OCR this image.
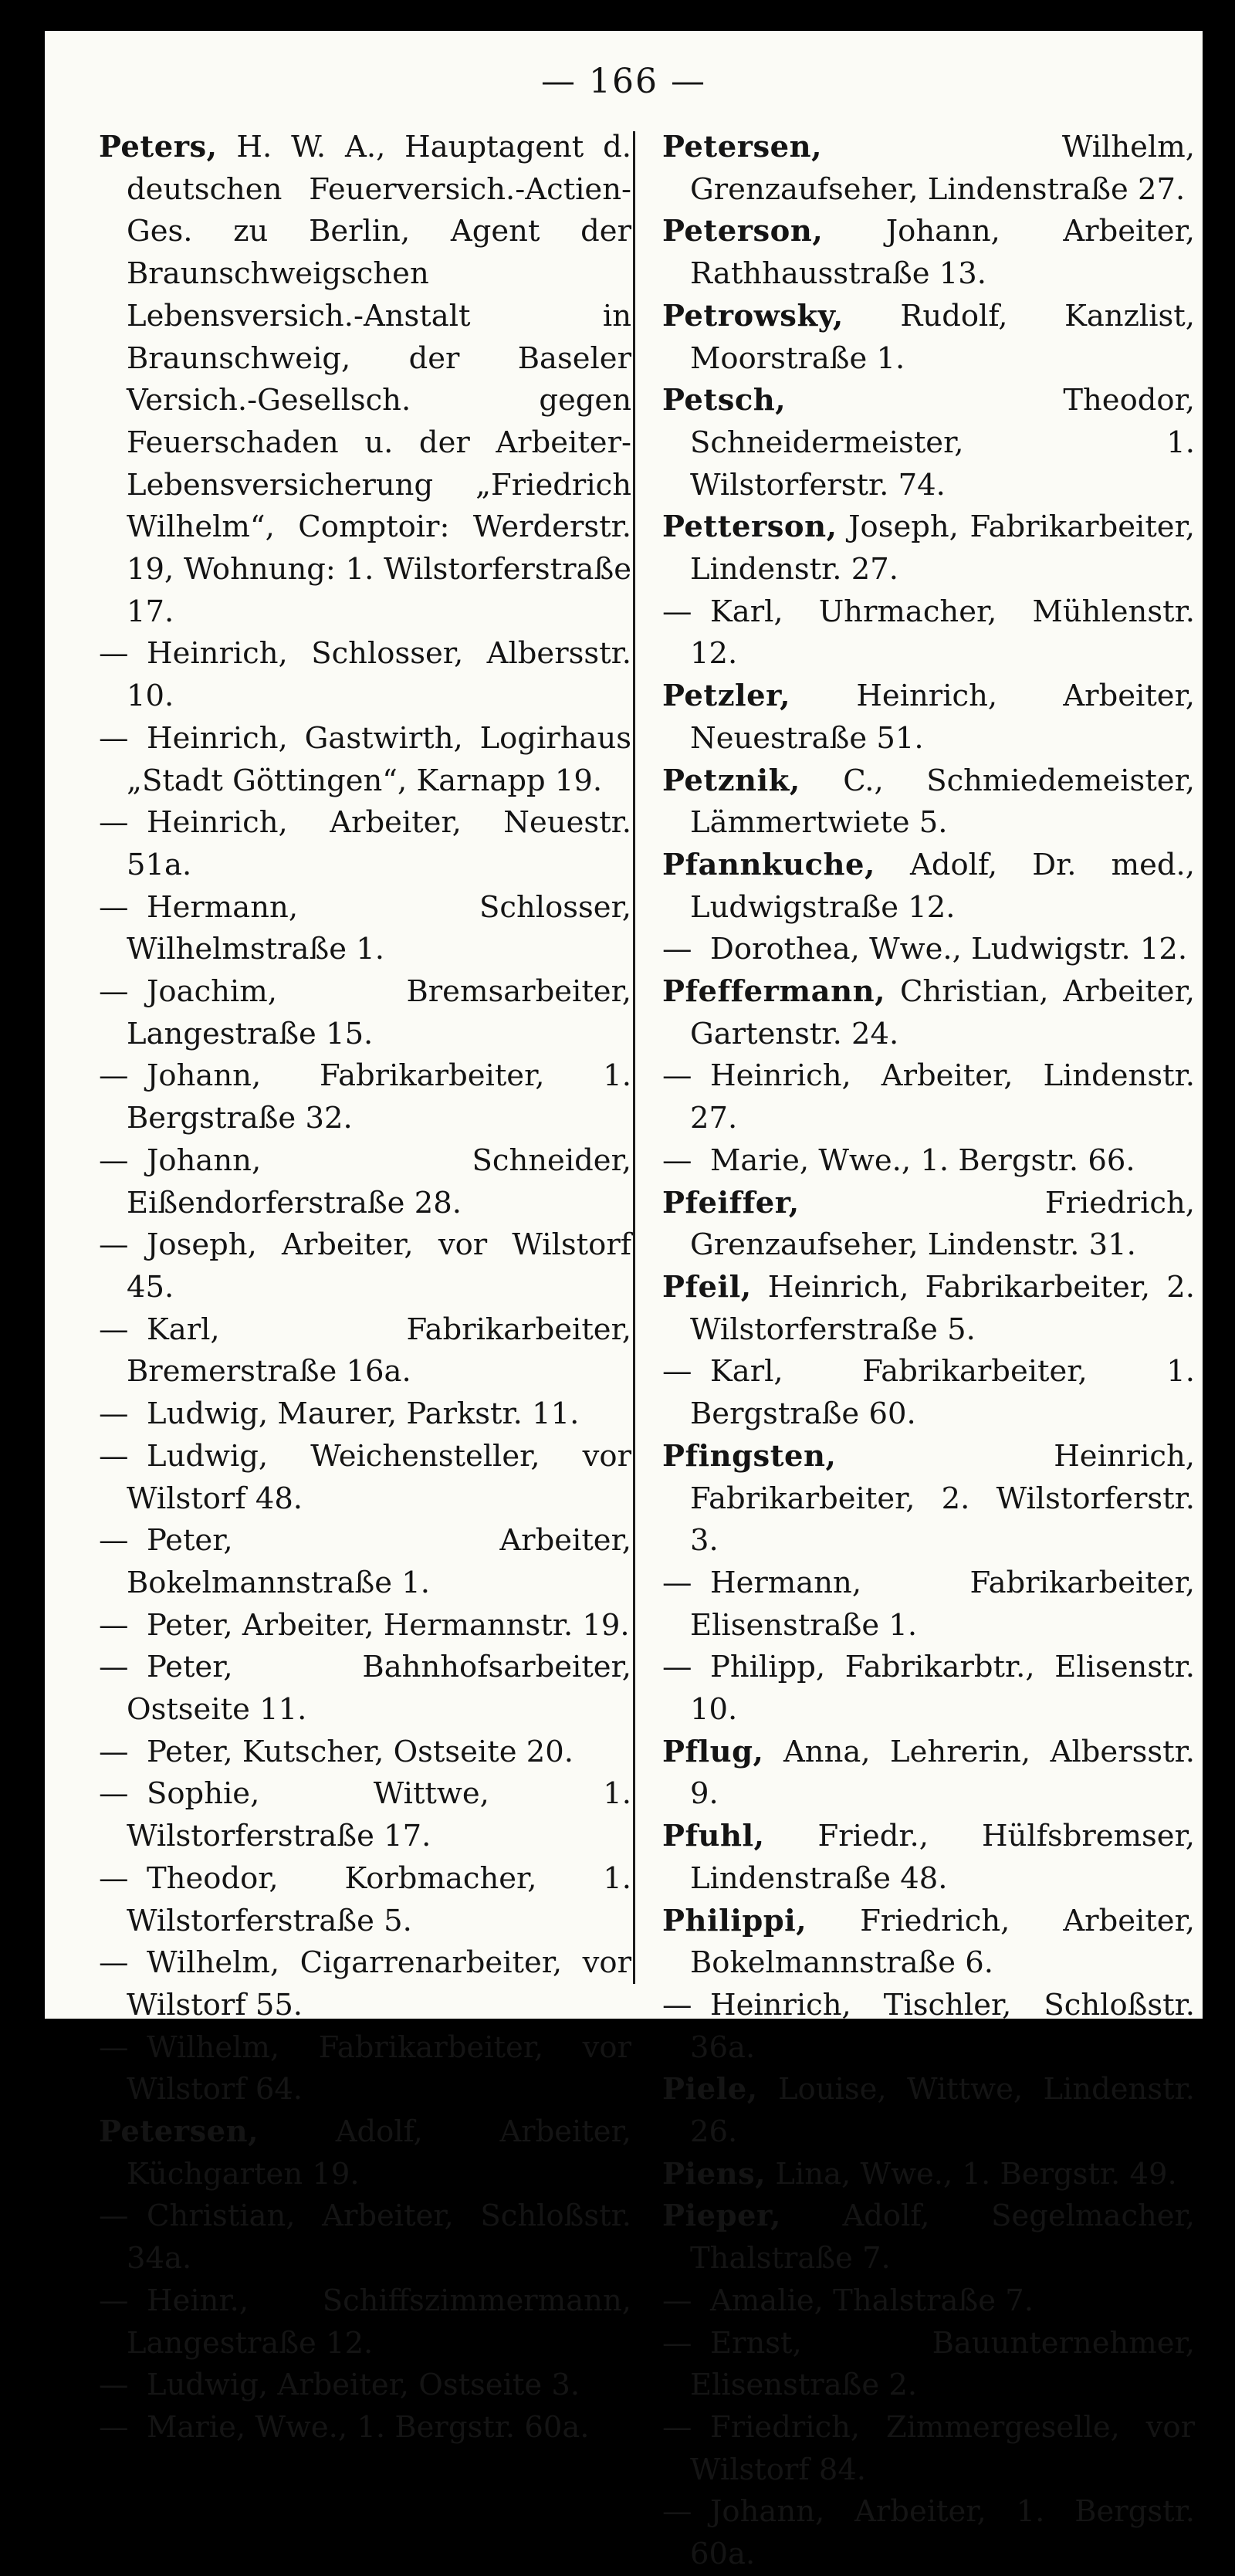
— 166 —

Peters, H. W. A., Hauptagent d. deutschen Feuerversich.-Actien-Ges. zu Berlin, Agent der Braunschweigschen Lebensversich.-Anstalt in Braunschweig, der Baseler Versich.-Gesellsch. gegen Feuerschaden u. der Arbeiter-Lebensversicherung „Friedrich Wilhelm“, Comptoir: Werderstr. 19, Wohnung: 1. Wilstorferstraße 17.

— Heinrich, Schlosser, Albersstr. 10.

— Heinrich, Gastwirth, Logirhaus „Stadt Göttingen“, Karnapp 19.

— Heinrich, Arbeiter, Neuestr. 51a.

— Hermann, Schlosser, Wilhelmstraße 1.

— Joachim, Bremsarbeiter, Langestraße 15.

— Johann, Fabrikarbeiter, 1. Bergstraße 32.

— Johann, Schneider, Eißendorferstraße 28.

— Joseph, Arbeiter, vor Wilstorf 45.

— Karl, Fabrikarbeiter, Bremerstraße 16a.

— Ludwig, Maurer, Parkstr. 11.

— Ludwig, Weichensteller, vor Wilstorf 48.

— Peter, Arbeiter, Bokelmannstraße 1.

— Peter, Arbeiter, Hermannstr. 19.

— Peter, Bahnhofsarbeiter, Ostseite 11.

— Peter, Kutscher, Ostseite 20.

— Sophie, Wittwe, 1. Wilstorferstraße 17.

— Theodor, Korbmacher, 1. Wilstorferstraße 5.

— Wilhelm, Cigarrenarbeiter, vor Wilstorf 55.

— Wilhelm, Fabrikarbeiter, vor Wilstorf 64.

Petersen,	Adolf, Arbeiter, Küchgarten 19.

— Christian, Arbeiter, Schloßstr. 34a.

— Heinr., Schiffszimmermann, Langestraße 12.

— Ludwig, Arbeiter, Ostseite 3.

— Marie, Wwe., 1. Bergstr. 60a.

Petersen,	Wilhelm, Grenzaufseher, Lindenstraße 27.

Peterson, Johann, Arbeiter, Rathhausstraße 13.

Petrowsky, Rudolf, Kanzlist, Moorstraße 1.

Petsch,	Theodor, Schneidermeister, 1. Wilstorferstr. 74.

Petterson, Joseph, Fabrikarbeiter, Lindenstr. 27.

— Karl, Uhrmacher, Mühlenstr. 12.

Petzler, Heinrich, Arbeiter, Neuestraße 51.

Petznik, C., Schmiedemeister, Lämmertwiete 5.

Pfannkuche, Adolf, Dr. med., Ludwigstraße 12.

— Dorothea, Wwe., Ludwigstr. 12.

Pfeffermann, Christian, Arbeiter, Gartenstr. 24.

— Heinrich, Arbeiter, Lindenstr. 27.

— Marie, Wwe., 1. Bergstr. 66.

Pfeiffer,	Friedrich, Grenzaufseher, Lindenstr. 31.

Pfeil, Heinrich, Fabrikarbeiter, 2. Wilstorferstraße 5.

— Karl, Fabrikarbeiter, 1. Bergstraße 60.

Pfingsten,	Heinrich, Fabrikarbeiter, 2. Wilstorferstr. 3.

— Hermann, Fabrikarbeiter, Elisenstraße 1.

— Philipp, Fabrikarbtr., Elisenstr. 10.

Pflug, Anna, Lehrerin, Albersstr. 9.

Pfuhl, Friedr., Hülfsbremser, Lindenstraße 48.

Philippi, Friedrich, Arbeiter, Bokelmannstraße 6.

— Heinrich, Tischler, Schloßstr. 36a.

Piele, Louise, Wittwe, Lindenstr. 26.

Piens, Lina, Wwe., 1. Bergstr. 49.

Pieper, Adolf, Segelmacher, Thalstraße 7.

— Amalie, Thalstraße 7.

— Ernst, Bauunternehmer, Elisenstraße 2.

— Friedrich, Zimmergeselle, vor Wilstorf 84.

— Johann, Arbeiter, 1. Bergstr. 60a.
